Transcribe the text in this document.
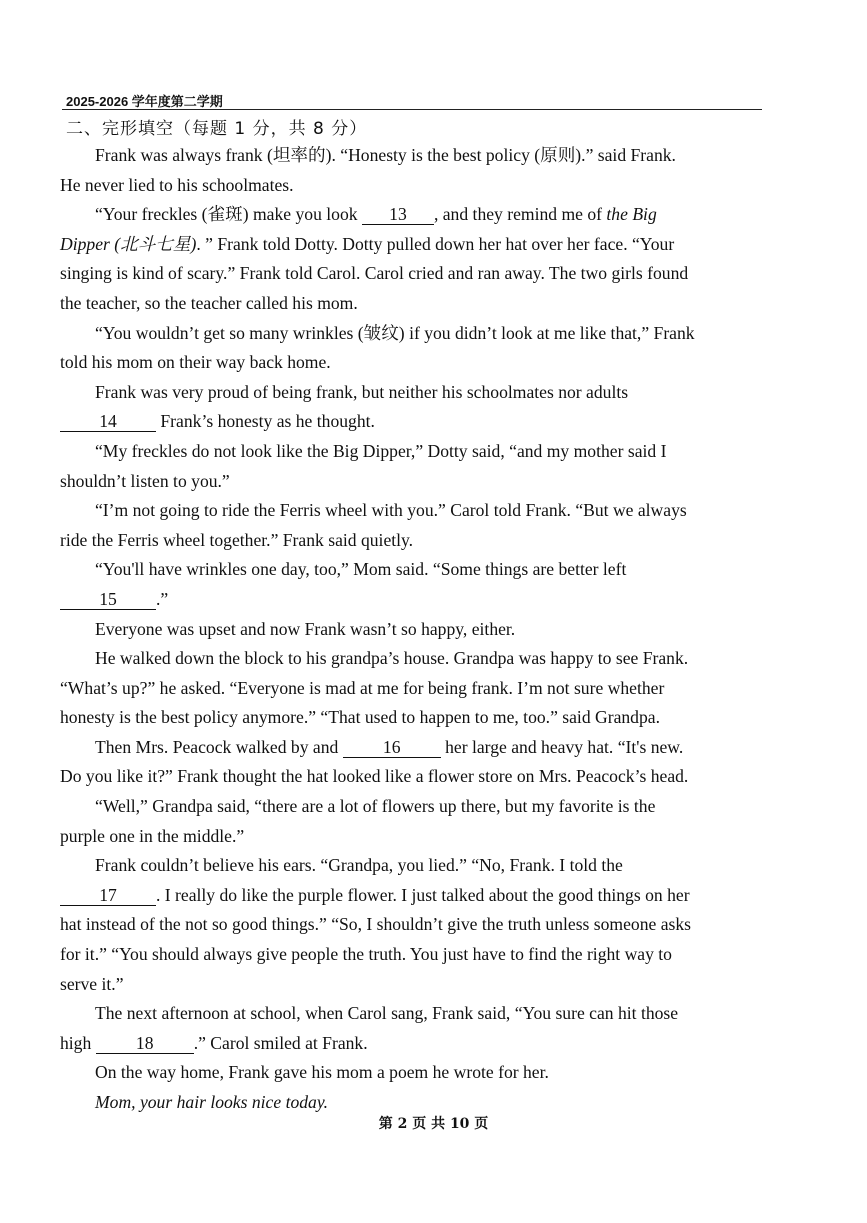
2025-2026 学年度第二学期
二、完形填空（每题 1 分，共 8 分）
Frank was always frank (坦率的). “Honesty is the best policy (原则).” said Frank.
He never lied to his schoolmates.
“Your freckles (雀斑) make you look 13 , and they remind me of the Big
Dipper (北斗七星). ” Frank told Dotty. Dotty pulled down her hat over her face. “Your
singing is kind of scary.” Frank told Carol. Carol cried and ran away. The two girls found
the teacher, so the teacher called his mom.
“You wouldn’t get so many wrinkles (皱纹) if you didn’t look at me like that,” Frank
told his mom on their way back home.
Frank was very proud of being frank, but neither his schoolmates nor adults
14 Frank’s honesty as he thought.
“My freckles do not look like the Big Dipper,” Dotty said, “and my mother said I
shouldn’t listen to you.”
“I’m not going to ride the Ferris wheel with you.” Carol told Frank. “But we always
ride the Ferris wheel together.” Frank said quietly.
“You'll have wrinkles one day, too,” Mom said. “Some things are better left
15 .”
Everyone was upset and now Frank wasn’t so happy, either.
He walked down the block to his grandpa’s house. Grandpa was happy to see Frank.
“What’s up?” he asked. “Everyone is mad at me for being frank. I’m not sure whether
honesty is the best policy anymore.” “That used to happen to me, too.” said Grandpa.
Then Mrs. Peacock walked by and 16 her large and heavy hat. “It's new.
Do you like it?” Frank thought the hat looked like a flower store on Mrs. Peacock’s head.
“Well,” Grandpa said, “there are a lot of flowers up there, but my favorite is the
purple one in the middle.”
Frank couldn’t believe his ears. “Grandpa, you lied.” “No, Frank. I told the
17 . I really do like the purple flower. I just talked about the good things on her
hat instead of the not so good things.” “So, I shouldn’t give the truth unless someone asks
for it.” “You should always give people the truth. You just have to find the right way to
serve it.”
The next afternoon at school, when Carol sang, Frank said, “You sure can hit those
high 18 .” Carol smiled at Frank.
On the way home, Frank gave his mom a poem he wrote for her.
Mom, your hair looks nice today.
第 2 页 共 10 页
